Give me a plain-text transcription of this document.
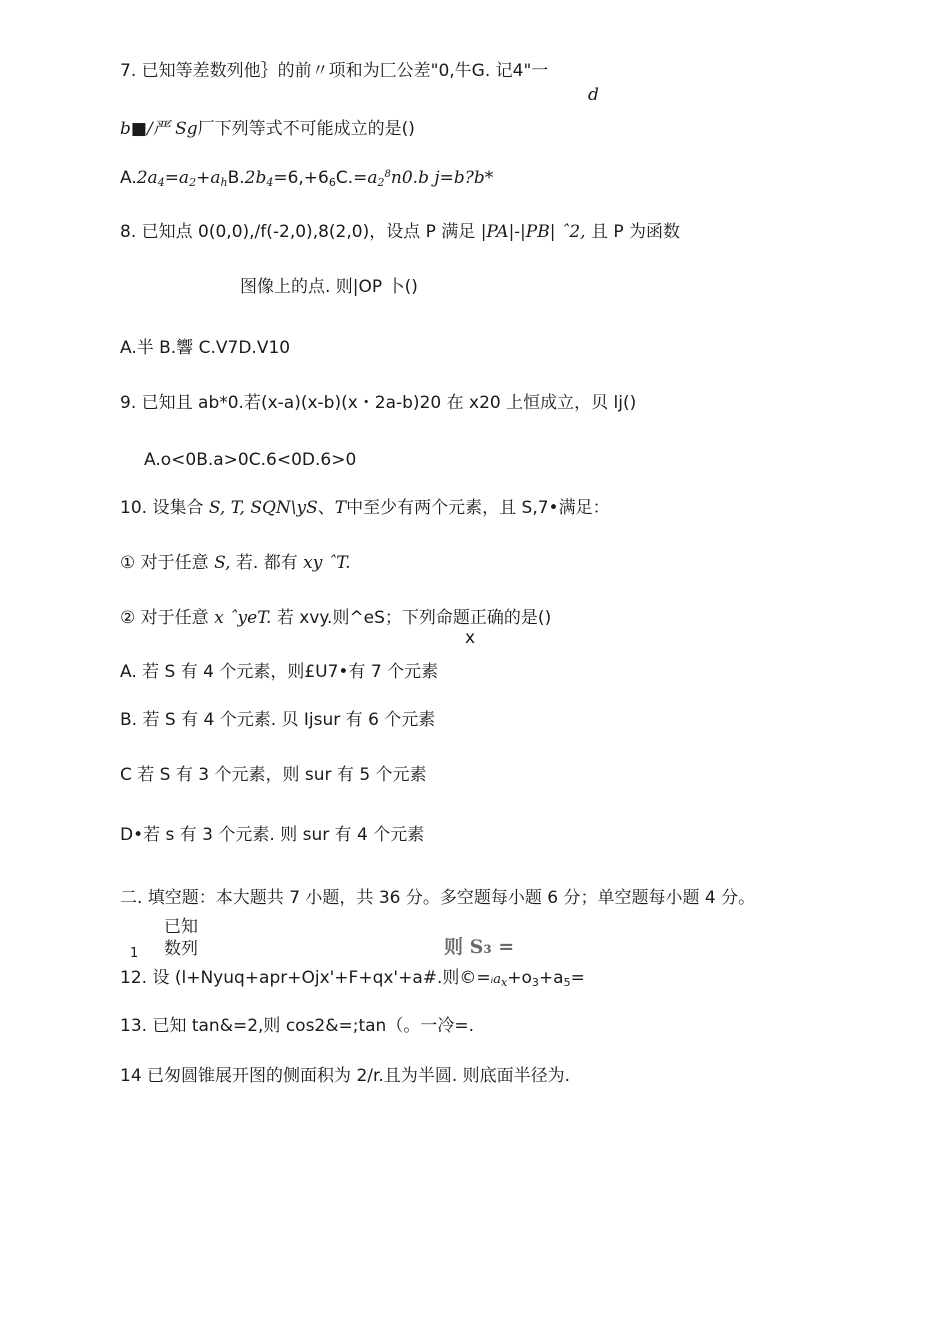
7. 已知等差数列他｝的前〃项和为匚公差"0,牛G. 记4"一
d
b■/严 Sg厂下列等式不可能成立的是()
$A.2a4=a2+ahB.2b4=6,+66C.=a2^8n0.b$ j=b?b*
8. 已知点 0(0,0),/f(-2,0),8(2,0)，设点 P 满足 |PA|-|PB| ˆ2, 且 P 为函数
图像上的点. 则|OP 卜()
A.半 B.響 C.V7D.V10
9. 已知且 ab*0.若(x-a)(x-b)(x・2a-b)20 在 x20 上恒成立，贝 lj()
A.o<0B.a>0C.6<0D.6>0
10. 设集合 S, T, SQN\yS、T中至少有两个元素，且 S,7•满足：
① 对于任意 S, 若. 都有 xy ˆT.
② 对于任意 x ˆyeT. 若 xvy.则^eS；下列命题正确的是()
x
A. 若 S 有 4 个元素，则£U7•有 7 个元素
B. 若 S 有 4 个元素. 贝 Ijsur 有 6 个元素
C 若 S 有 3 个元素，则 sur 有 5 个元素
D•若 s 有 3 个元素. 则 sur 有 4 个元素
二. 填空题：本大题共 7 小题，共 36 分。多空题每小题 6 分；单空题每小题 4 分。
1
已知
数列	则 S₃ =
12. 设 (l+Nyuq+apr+Ojx'+F+qx'+a#.则©=ᵢax+o3+a5=
13. 已知 tan&=2,则 cos2&=;tan（。一冷=.
14 已匆圆锥展开图的侧面积为 2/r.且为半圆. 则底面半径为.
